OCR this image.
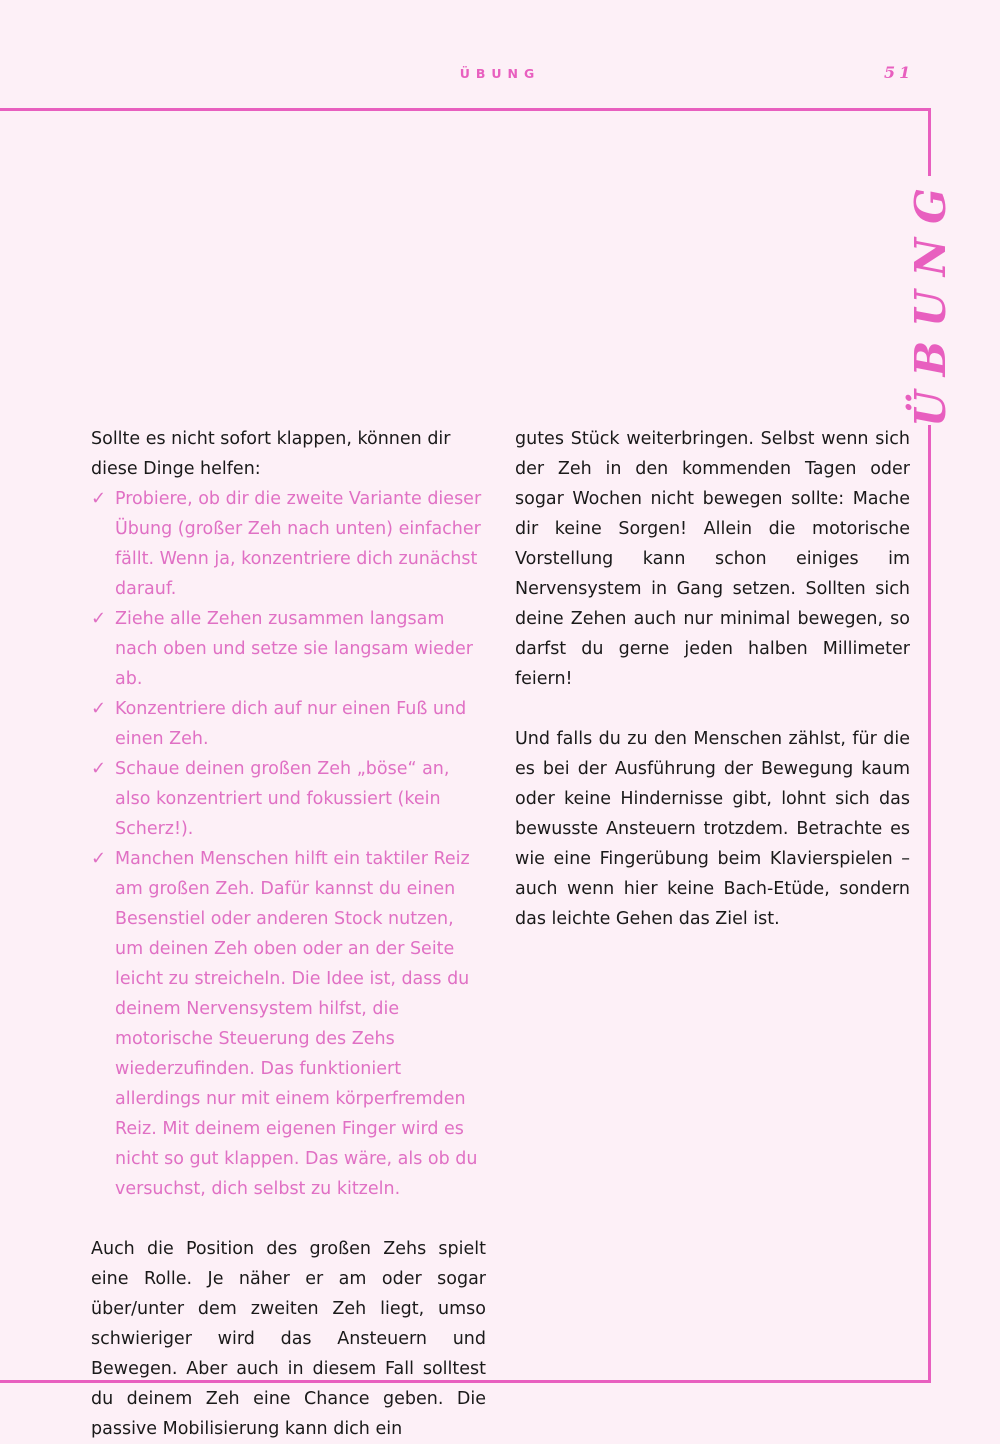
ÜBUNG	51
ÜBUNG

Sollte es nicht sofort klappen, können dir diese Dinge helfen:

✓ Probiere, ob dir die zweite Variante dieser Übung (großer Zeh nach unten) einfacher fällt. Wenn ja, konzentriere dich zunächst darauf.
✓ Ziehe alle Zehen zusammen langsam nach oben und setze sie langsam wieder ab.
✓ Konzentriere dich auf nur einen Fuß und einen Zeh.
✓ Schaue deinen großen Zeh „böse“ an, also konzentriert und fokussiert (kein Scherz!).
✓ Manchen Menschen hilft ein taktiler Reiz am großen Zeh. Dafür kannst du einen Besenstiel oder anderen Stock nutzen, um deinen Zeh oben oder an der Seite leicht zu streicheln. Die Idee ist, dass du deinem Nervensystem hilfst, die motorische Steuerung des Zehs wiederzufinden. Das funktioniert allerdings nur mit einem körperfremden Reiz. Mit deinem eigenen Finger wird es nicht so gut klappen. Das wäre, als ob du versuchst, dich selbst zu kitzeln.

Auch die Position des großen Zehs spielt eine Rolle. Je näher er am oder sogar über/unter dem zweiten Zeh liegt, umso schwieriger wird das Ansteuern und Bewegen. Aber auch in diesem Fall solltest du deinem Zeh eine Chance geben. Die passive Mobilisierung kann dich ein

gutes Stück weiterbringen. Selbst wenn sich der Zeh in den kommenden Tagen oder sogar Wochen nicht bewegen sollte: Mache dir keine Sorgen! Allein die motorische Vorstellung kann schon einiges im Nervensystem in Gang setzen. Sollten sich deine Zehen auch nur minimal bewegen, so darfst du gerne jeden halben Millimeter feiern!

Und falls du zu den Menschen zählst, für die es bei der Ausführung der Bewegung kaum oder keine Hindernisse gibt, lohnt sich das bewusste Ansteuern trotzdem. Betrachte es wie eine Fingerübung beim Klavierspielen – auch wenn hier keine Bach-Etüde, sondern das leichte Gehen das Ziel ist.
